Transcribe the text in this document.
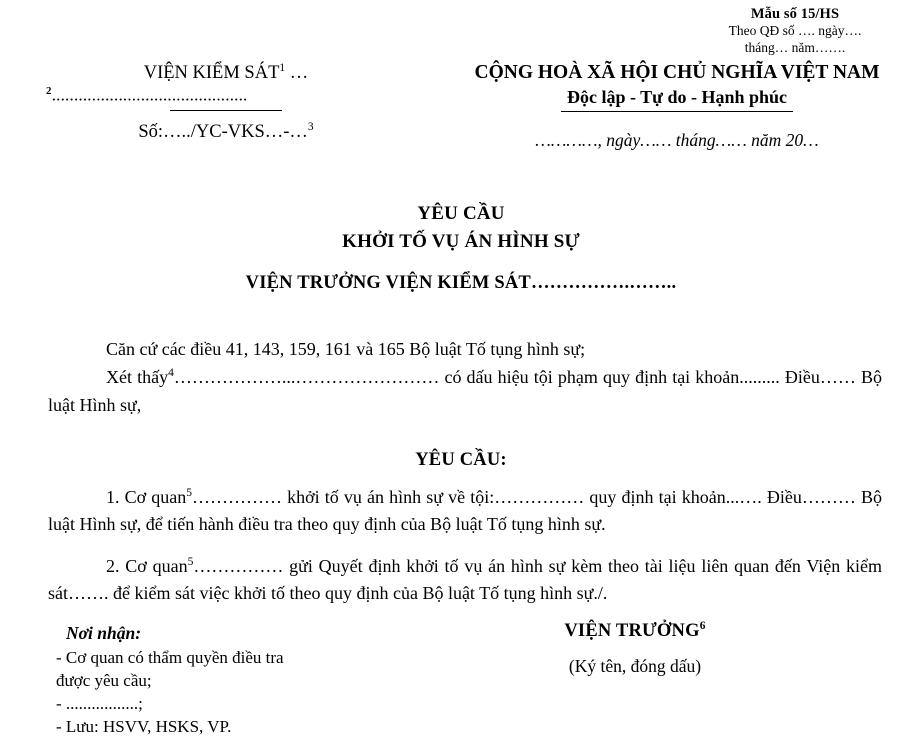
Mẫu số 15/HS
Theo QĐ số …. ngày….
tháng… năm…….
VIỆN KIỂM SÁT$^1$ …
$^2$............................................
Số:…../YC-VKS…-…$^3$
CỘNG HOÀ XÃ HỘI CHỦ NGHĨA VIỆT NAM
Độc lập - Tự do - Hạnh phúc
…………, ngày…… tháng…… năm 20…
YÊU CẦU
KHỞI TỐ VỤ ÁN HÌNH SỰ
VIỆN TRƯỞNG VIỆN KIỂM SÁT…………….……..

Căn cứ các điều 41, 143, 159, 161 và 165 Bộ luật Tố tụng hình sự;

Xét thấy$^4$………………...…………………… có dấu hiệu tội phạm quy định tại khoản......... Điều…… Bộ luật Hình sự,

YÊU CẦU:

1. Cơ quan$^5$…………… khởi tố vụ án hình sự về tội:…………… quy định tại khoản...…. Điều……… Bộ luật Hình sự, để tiến hành điều tra theo quy định của Bộ luật Tố tụng hình sự.

2. Cơ quan$^5$…………… gửi Quyết định khởi tố vụ án hình sự kèm theo tài liệu liên quan đến Viện kiểm sát……. để kiểm sát việc khởi tố theo quy định của Bộ luật Tố tụng hình sự./.

Nơi nhận:
- Cơ quan có thẩm quyền điều tra
được yêu cầu;
- .................;
- Lưu: HSVV, HSKS, VP.
VIỆN TRƯỞNG$^6$
(Ký tên, đóng dấu)
